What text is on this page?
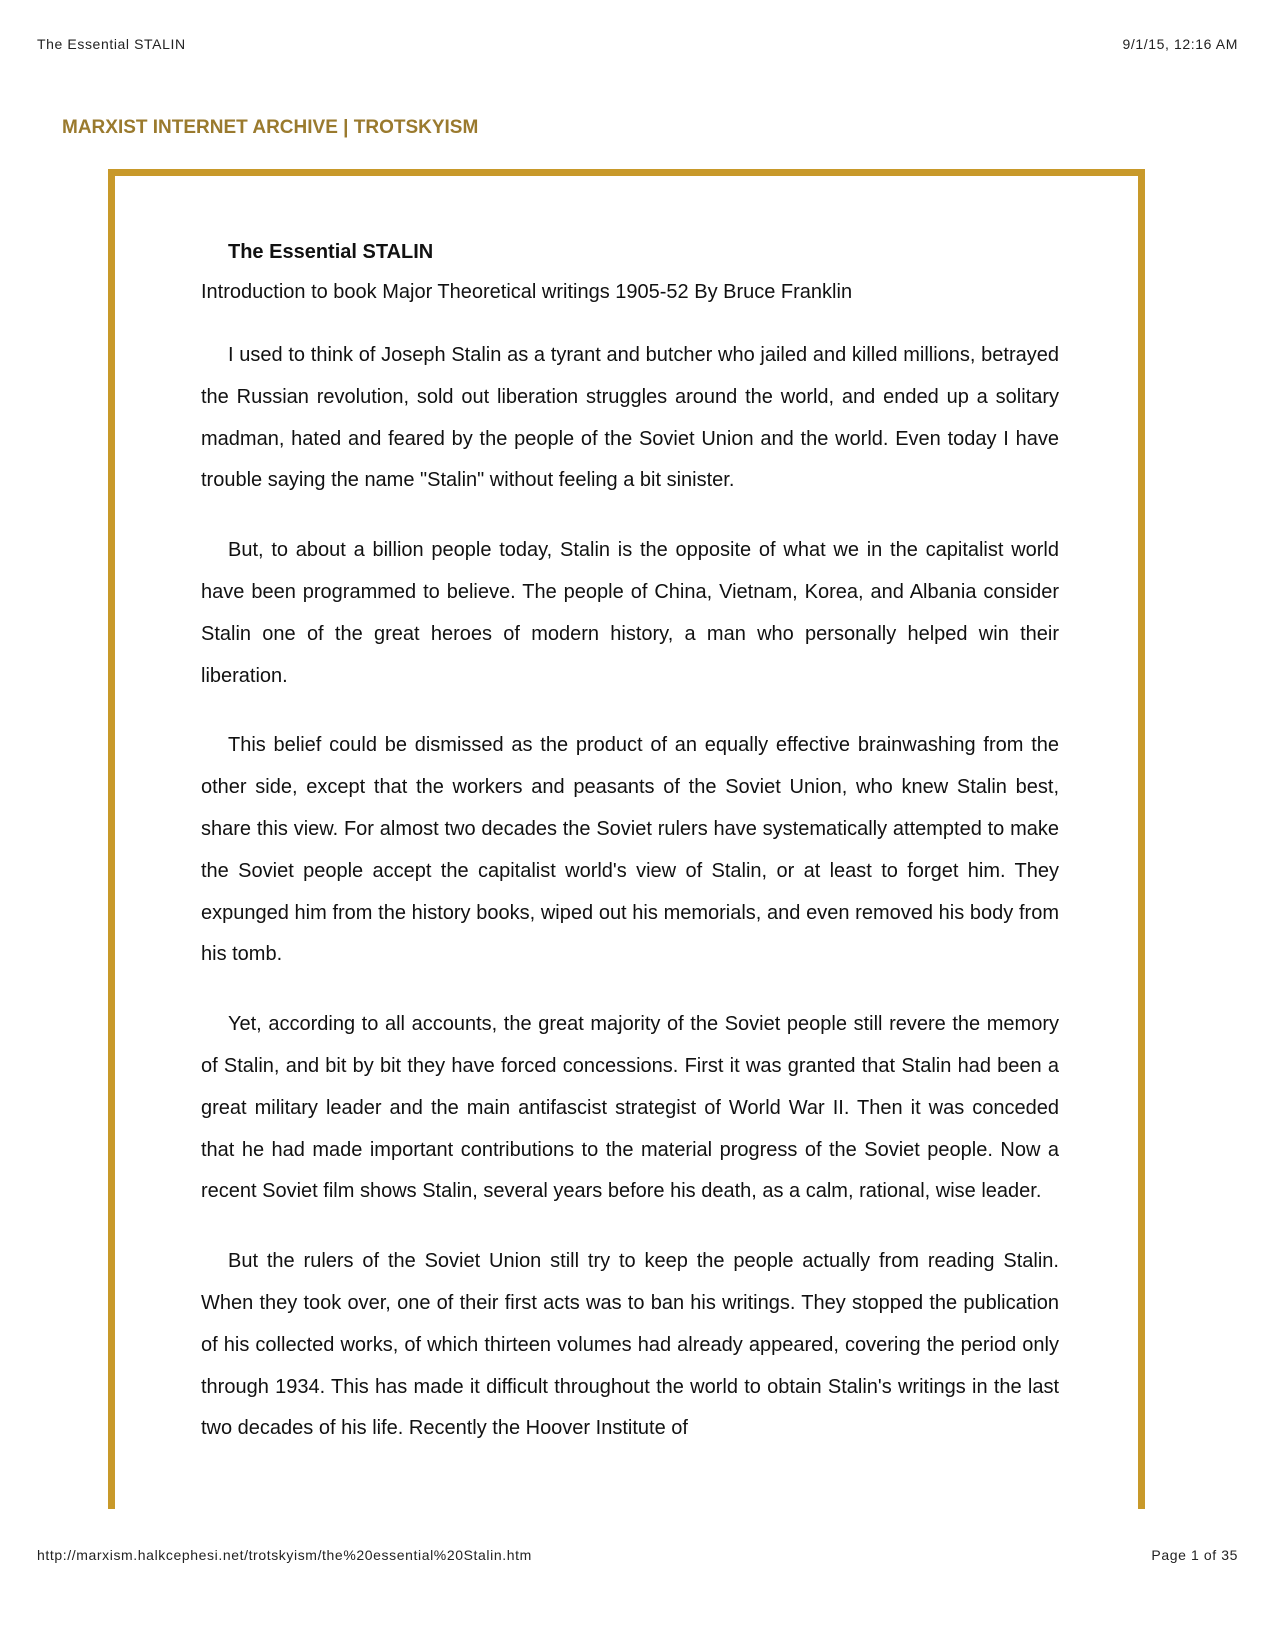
The Essential STALIN	9/1/15, 12:16 AM
MARXIST INTERNET ARCHIVE | TROTSKYISM
The Essential STALIN

Introduction to book Major Theoretical writings 1905-52 By Bruce Franklin

I used to think of Joseph Stalin as a tyrant and butcher who jailed and killed millions, betrayed the Russian revolution, sold out liberation struggles around the world, and ended up a solitary madman, hated and feared by the people of the Soviet Union and the world. Even today I have trouble saying the name "Stalin" without feeling a bit sinister.

But, to about a billion people today, Stalin is the opposite of what we in the capitalist world have been programmed to believe. The people of China, Vietnam, Korea, and Albania consider Stalin one of the great heroes of modern history, a man who personally helped win their liberation.

This belief could be dismissed as the product of an equally effective brainwashing from the other side, except that the workers and peasants of the Soviet Union, who knew Stalin best, share this view. For almost two decades the Soviet rulers have systematically attempted to make the Soviet people accept the capitalist world's view of Stalin, or at least to forget him. They expunged him from the history books, wiped out his memorials, and even removed his body from his tomb.

Yet, according to all accounts, the great majority of the Soviet people still revere the memory of Stalin, and bit by bit they have forced concessions. First it was granted that Stalin had been a great military leader and the main antifascist strategist of World War II. Then it was conceded that he had made important contributions to the material progress of the Soviet people. Now a recent Soviet film shows Stalin, several years before his death, as a calm, rational, wise leader.

But the rulers of the Soviet Union still try to keep the people actually from reading Stalin. When they took over, one of their first acts was to ban his writings. They stopped the publication of his collected works, of which thirteen volumes had already appeared, covering the period only through 1934. This has made it difficult throughout the world to obtain Stalin's writings in the last two decades of his life. Recently the Hoover Institute of

http://marxism.halkcephesi.net/trotskyism/the%20essential%20Stalin.htm	Page 1 of 35
